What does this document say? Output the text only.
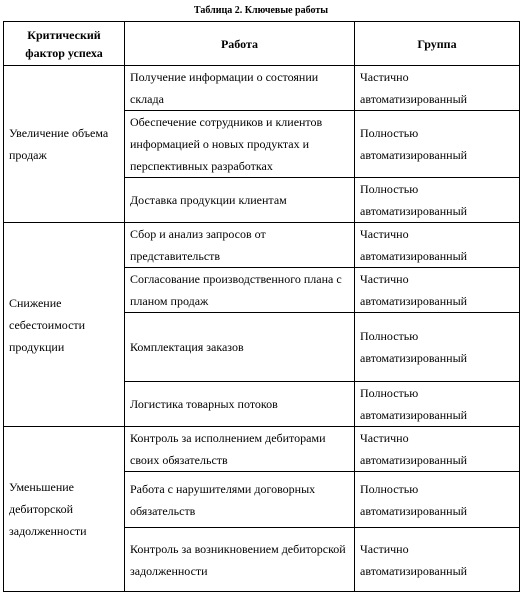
Таблица 2. Ключевые работы
Критический фактор успеха	Работа	Группа
Увеличение объема продаж	Получение информации о состоянии склада	Частично автоматизированный
	Обеспечение сотрудников и клиентов информацией о новых продуктах и перспективных разработках	Полностью автоматизированный
	Доставка продукции клиентам	Полностью автоматизированный
Снижение себестоимости продукции	Сбор и анализ запросов от представительств	Частично автоматизированный
	Согласование производственного плана с планом продаж	Частично автоматизированный
	Комплектация заказов	Полностью автоматизированный
	Логистика товарных потоков	Полностью автоматизированный
Уменьшение дебиторской задолженности	Контроль за исполнением дебиторами своих обязательств	Частично автоматизированный
	Работа с нарушителями договорных обязательств	Полностью автоматизированный
	Контроль за возникновением дебиторской задолженности	Частично автоматизированный
